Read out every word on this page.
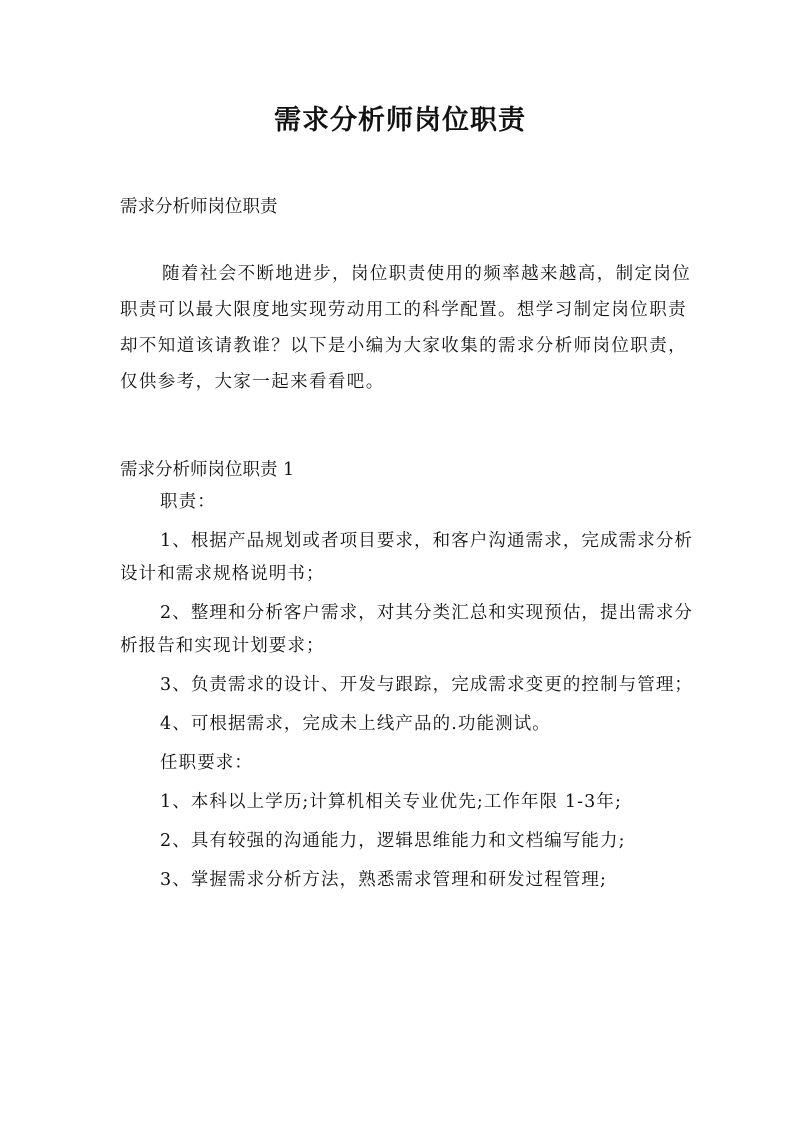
需求分析师岗位职责

需求分析师岗位职责

随着社会不断地进步，岗位职责使用的频率越来越高，制定岗位职责可以最大限度地实现劳动用工的科学配置。想学习制定岗位职责却不知道该请教谁？以下是小编为大家收集的需求分析师岗位职责，仅供参考，大家一起来看看吧。

需求分析师岗位职责 1

职责：

1、根据产品规划或者项目要求，和客户沟通需求，完成需求分析设计和需求规格说明书；

2、整理和分析客户需求，对其分类汇总和实现预估，提出需求分析报告和实现计划要求；

3、负责需求的设计、开发与跟踪，完成需求变更的控制与管理；

4、可根据需求，完成未上线产品的.功能测试。

任职要求：

1、本科以上学历;计算机相关专业优先;工作年限 1-3年;

2、具有较强的沟通能力，逻辑思维能力和文档编写能力;

3、掌握需求分析方法，熟悉需求管理和研发过程管理;
